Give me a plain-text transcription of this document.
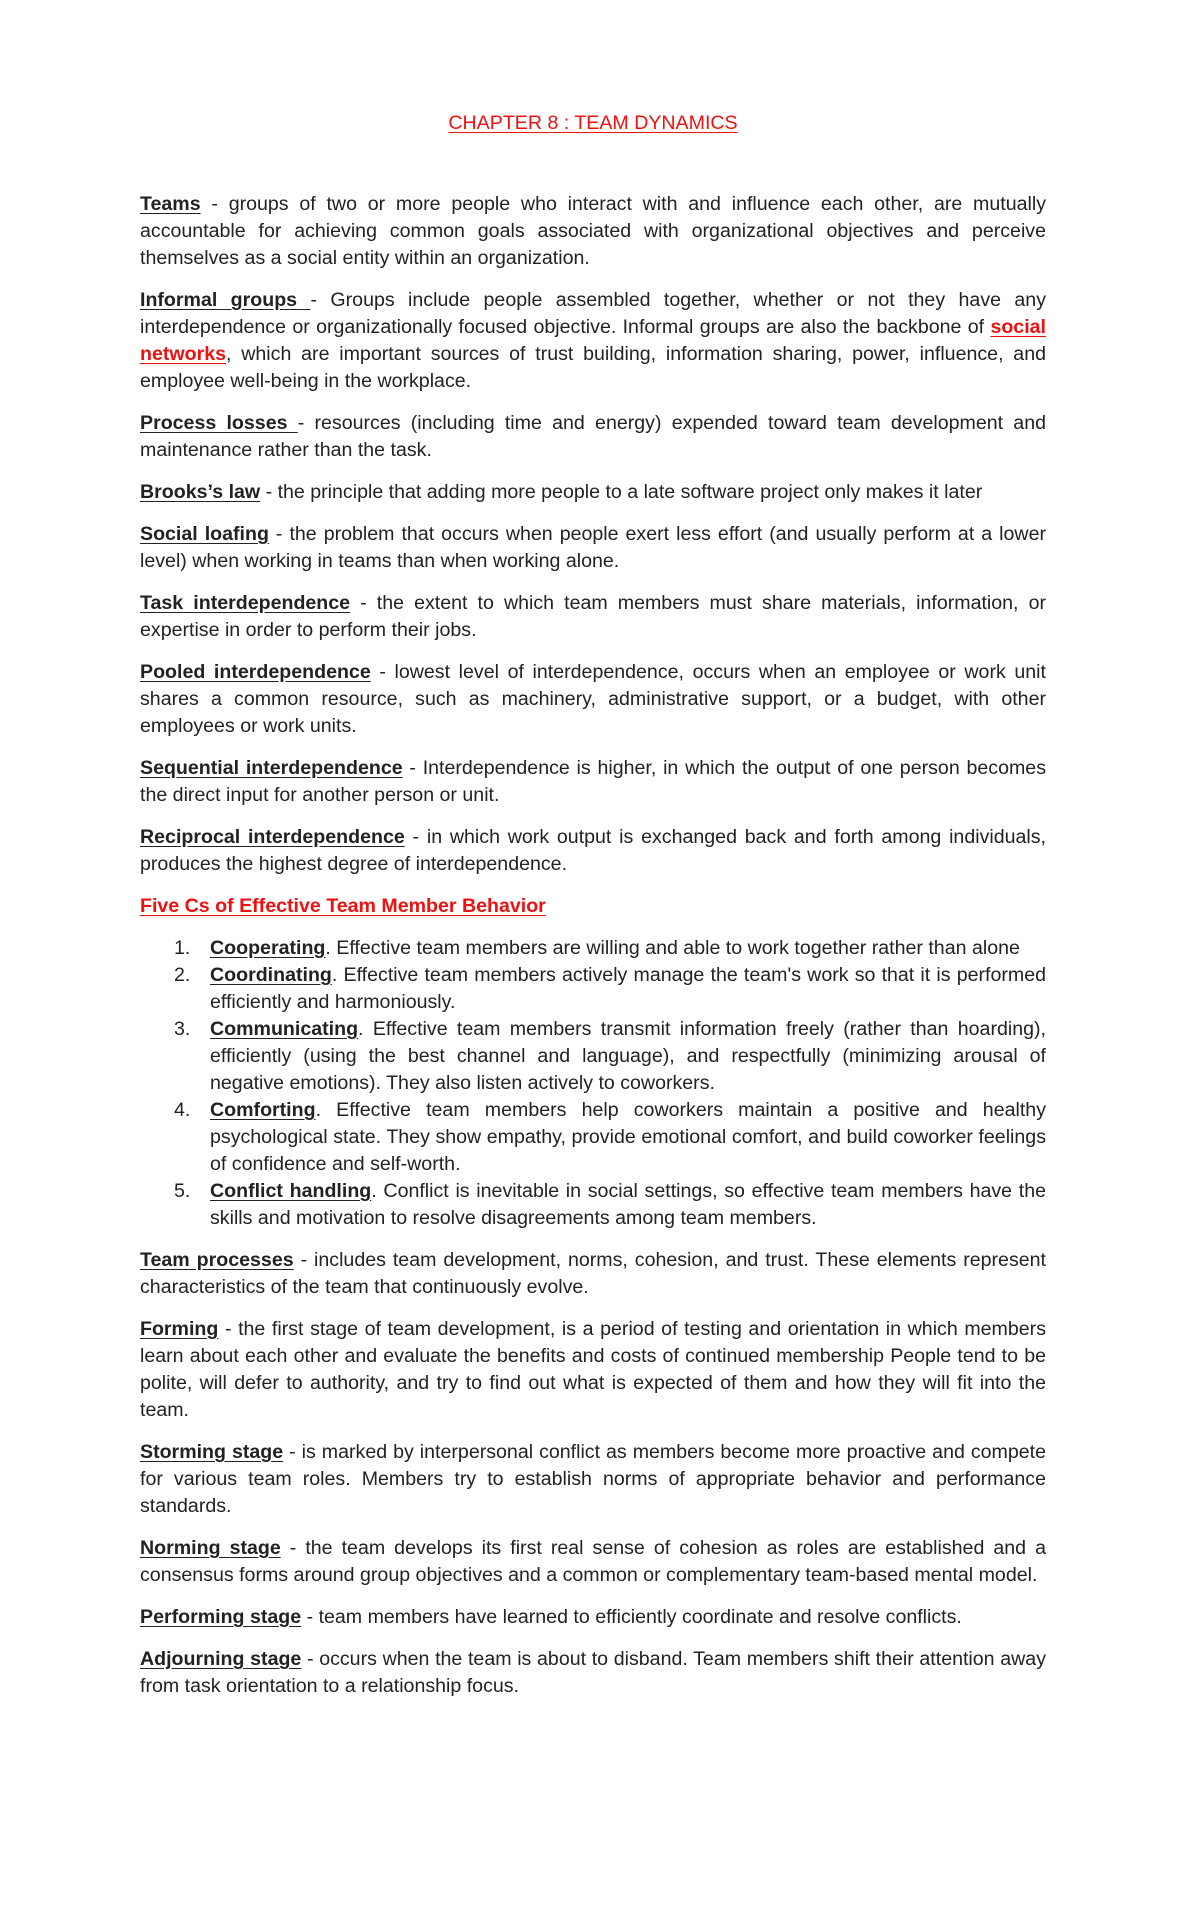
CHAPTER 8 : TEAM DYNAMICS

Teams - groups of two or more people who interact with and influence each other, are mutually accountable for achieving common goals associated with organizational objectives and perceive themselves as a social entity within an organization.

Informal groups - Groups include people assembled together, whether or not they have any interdependence or organizationally focused objective. Informal groups are also the backbone of social networks, which are important sources of trust building, information sharing, power, influence, and employee well-being in the workplace.

Process losses - resources (including time and energy) expended toward team development and maintenance rather than the task.

Brooks’s law - the principle that adding more people to a late software project only makes it later

Social loafing - the problem that occurs when people exert less effort (and usually perform at a lower level) when working in teams than when working alone.

Task interdependence - the extent to which team members must share materials, information, or expertise in order to perform their jobs.

Pooled interdependence - lowest level of interdependence, occurs when an employee or work unit shares a common resource, such as machinery, administrative support, or a budget, with other employees or work units.

Sequential interdependence - Interdependence is higher, in which the output of one person becomes the direct input for another person or unit.

Reciprocal interdependence - in which work output is exchanged back and forth among individuals, produces the highest degree of interdependence.

Five Cs of Effective Team Member Behavior
1. Cooperating. Effective team members are willing and able to work together rather than alone
2. Coordinating. Effective team members actively manage the team's work so that it is performed efficiently and harmoniously.
3. Communicating. Effective team members transmit information freely (rather than hoarding), efficiently (using the best channel and language), and respectfully (minimizing arousal of negative emotions). They also listen actively to coworkers.
4. Comforting. Effective team members help coworkers maintain a positive and healthy psychological state. They show empathy, provide emotional comfort, and build coworker feelings of confidence and self-worth.
5. Conflict handling. Conflict is inevitable in social settings, so effective team members have the skills and motivation to resolve disagreements among team members.

Team processes - includes team development, norms, cohesion, and trust. These elements represent characteristics of the team that continuously evolve.

Forming - the first stage of team development, is a period of testing and orientation in which members learn about each other and evaluate the benefits and costs of continued membership People tend to be polite, will defer to authority, and try to find out what is expected of them and how they will fit into the team.

Storming stage - is marked by interpersonal conflict as members become more proactive and compete for various team roles. Members try to establish norms of appropriate behavior and performance standards.

Norming stage - the team develops its first real sense of cohesion as roles are established and a consensus forms around group objectives and a common or complementary team-based mental model.

Performing stage - team members have learned to efficiently coordinate and resolve conflicts.

Adjourning stage - occurs when the team is about to disband. Team members shift their attention away from task orientation to a relationship focus.
